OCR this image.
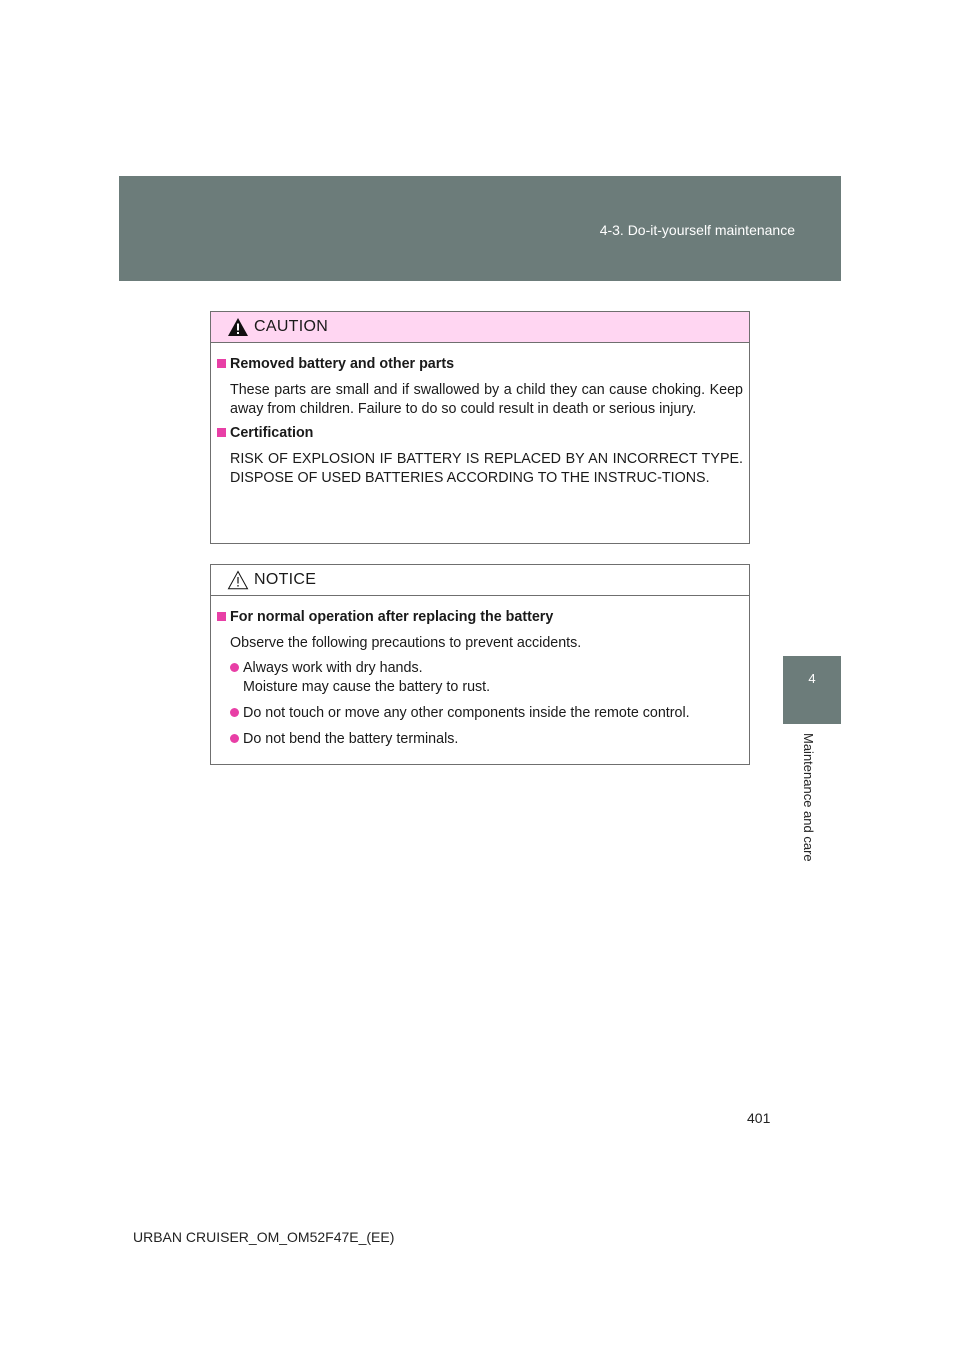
4-3. Do-it-yourself maintenance
4
Maintenance and care
CAUTION
Removed battery and other parts
These parts are small and if swallowed by a child they can cause choking. Keep away from children. Failure to do so could result in death or serious injury.
Certification
RISK OF EXPLOSION IF BATTERY IS REPLACED BY AN INCORRECT TYPE. DISPOSE OF USED BATTERIES ACCORDING TO THE INSTRUC-TIONS.
NOTICE
For normal operation after replacing the battery
Observe the following precautions to prevent accidents.
Always work with dry hands.
Moisture may cause the battery to rust.
Do not touch or move any other components inside the remote control.
Do not bend the battery terminals.
401
URBAN CRUISER_OM_OM52F47E_(EE)
